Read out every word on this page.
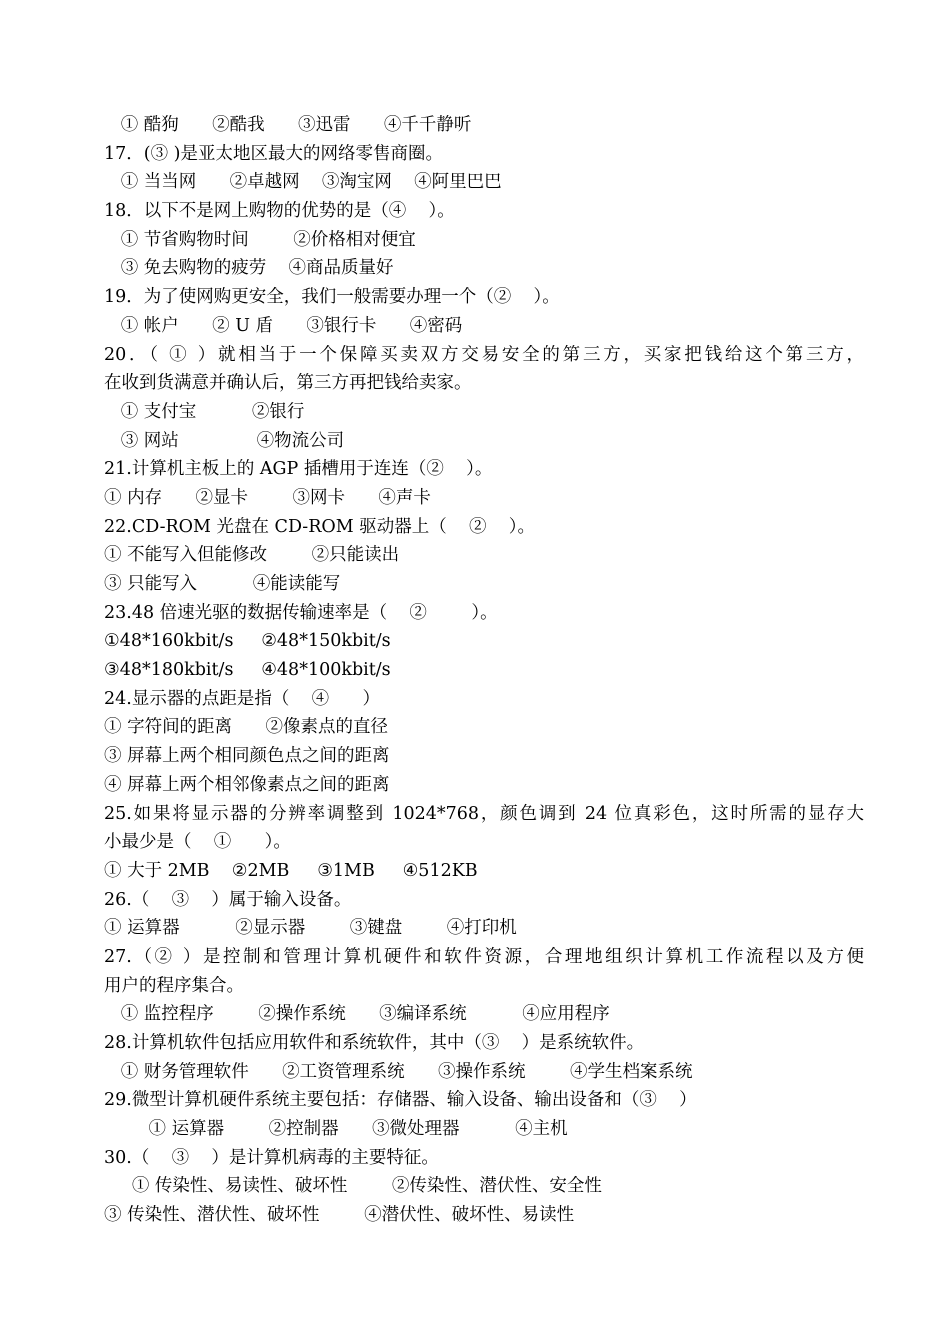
① 酷狗      ②酷我      ③迅雷      ④千千静听
17．(③ )是亚太地区最大的网络零售商圈。
① 当当网      ②卓越网    ③淘宝网    ④阿里巴巴
18．以下不是网上购物的优势的是（④    ）。
① 节省购物时间        ②价格相对便宜
③ 免去购物的疲劳    ④商品质量好
19．为了使网购更安全，我们一般需要办理一个（②    ）。
① 帐户      ② U 盾      ③银行卡      ④密码
20．（ ① ）就相当于一个保障买卖双方交易安全的第三方，买家把钱给这个第三方，
在收到货满意并确认后，第三方再把钱给卖家。
① 支付宝          ②银行
③ 网站              ④物流公司
21.计算机主板上的 AGP 插槽用于连连（②    ）。
① 内存      ②显卡        ③网卡      ④声卡
22.CD-ROM 光盘在 CD-ROM 驱动器上（    ②    ）。
① 不能写入但能修改        ②只能读出
③ 只能写入          ④能读能写
23.48 倍速光驱的数据传输速率是（    ②        ）。
①48*160kbit/s     ②48*150kbit/s
③48*180kbit/s     ④48*100kbit/s
24.显示器的点距是指（    ④      ）
① 字符间的距离      ②像素点的直径
③ 屏幕上两个相同颜色点之间的距离
④ 屏幕上两个相邻像素点之间的距离
25.如果将显示器的分辨率调整到 1024*768，颜色调到 24 位真彩色，这时所需的显存大
小最少是（    ①      ）。
① 大于 2MB    ②2MB     ③1MB     ④512KB
26.（    ③    ）属于输入设备。
① 运算器          ②显示器        ③键盘        ④打印机
27.（② ）是控制和管理计算机硬件和软件资源，合理地组织计算机工作流程以及方便
用户的程序集合。
① 监控程序        ②操作系统      ③编译系统          ④应用程序
28.计算机软件包括应用软件和系统软件，其中（③    ）是系统软件。
① 财务管理软件      ②工资管理系统      ③操作系统        ④学生档案系统
29.微型计算机硬件系统主要包括：存储器、输入设备、输出设备和（③    ）
① 运算器        ②控制器      ③微处理器          ④主机
30.（    ③    ）是计算机病毒的主要特征。
① 传染性、易读性、破坏性        ②传染性、潜伏性、安全性
③ 传染性、潜伏性、破坏性        ④潜伏性、破坏性、易读性
